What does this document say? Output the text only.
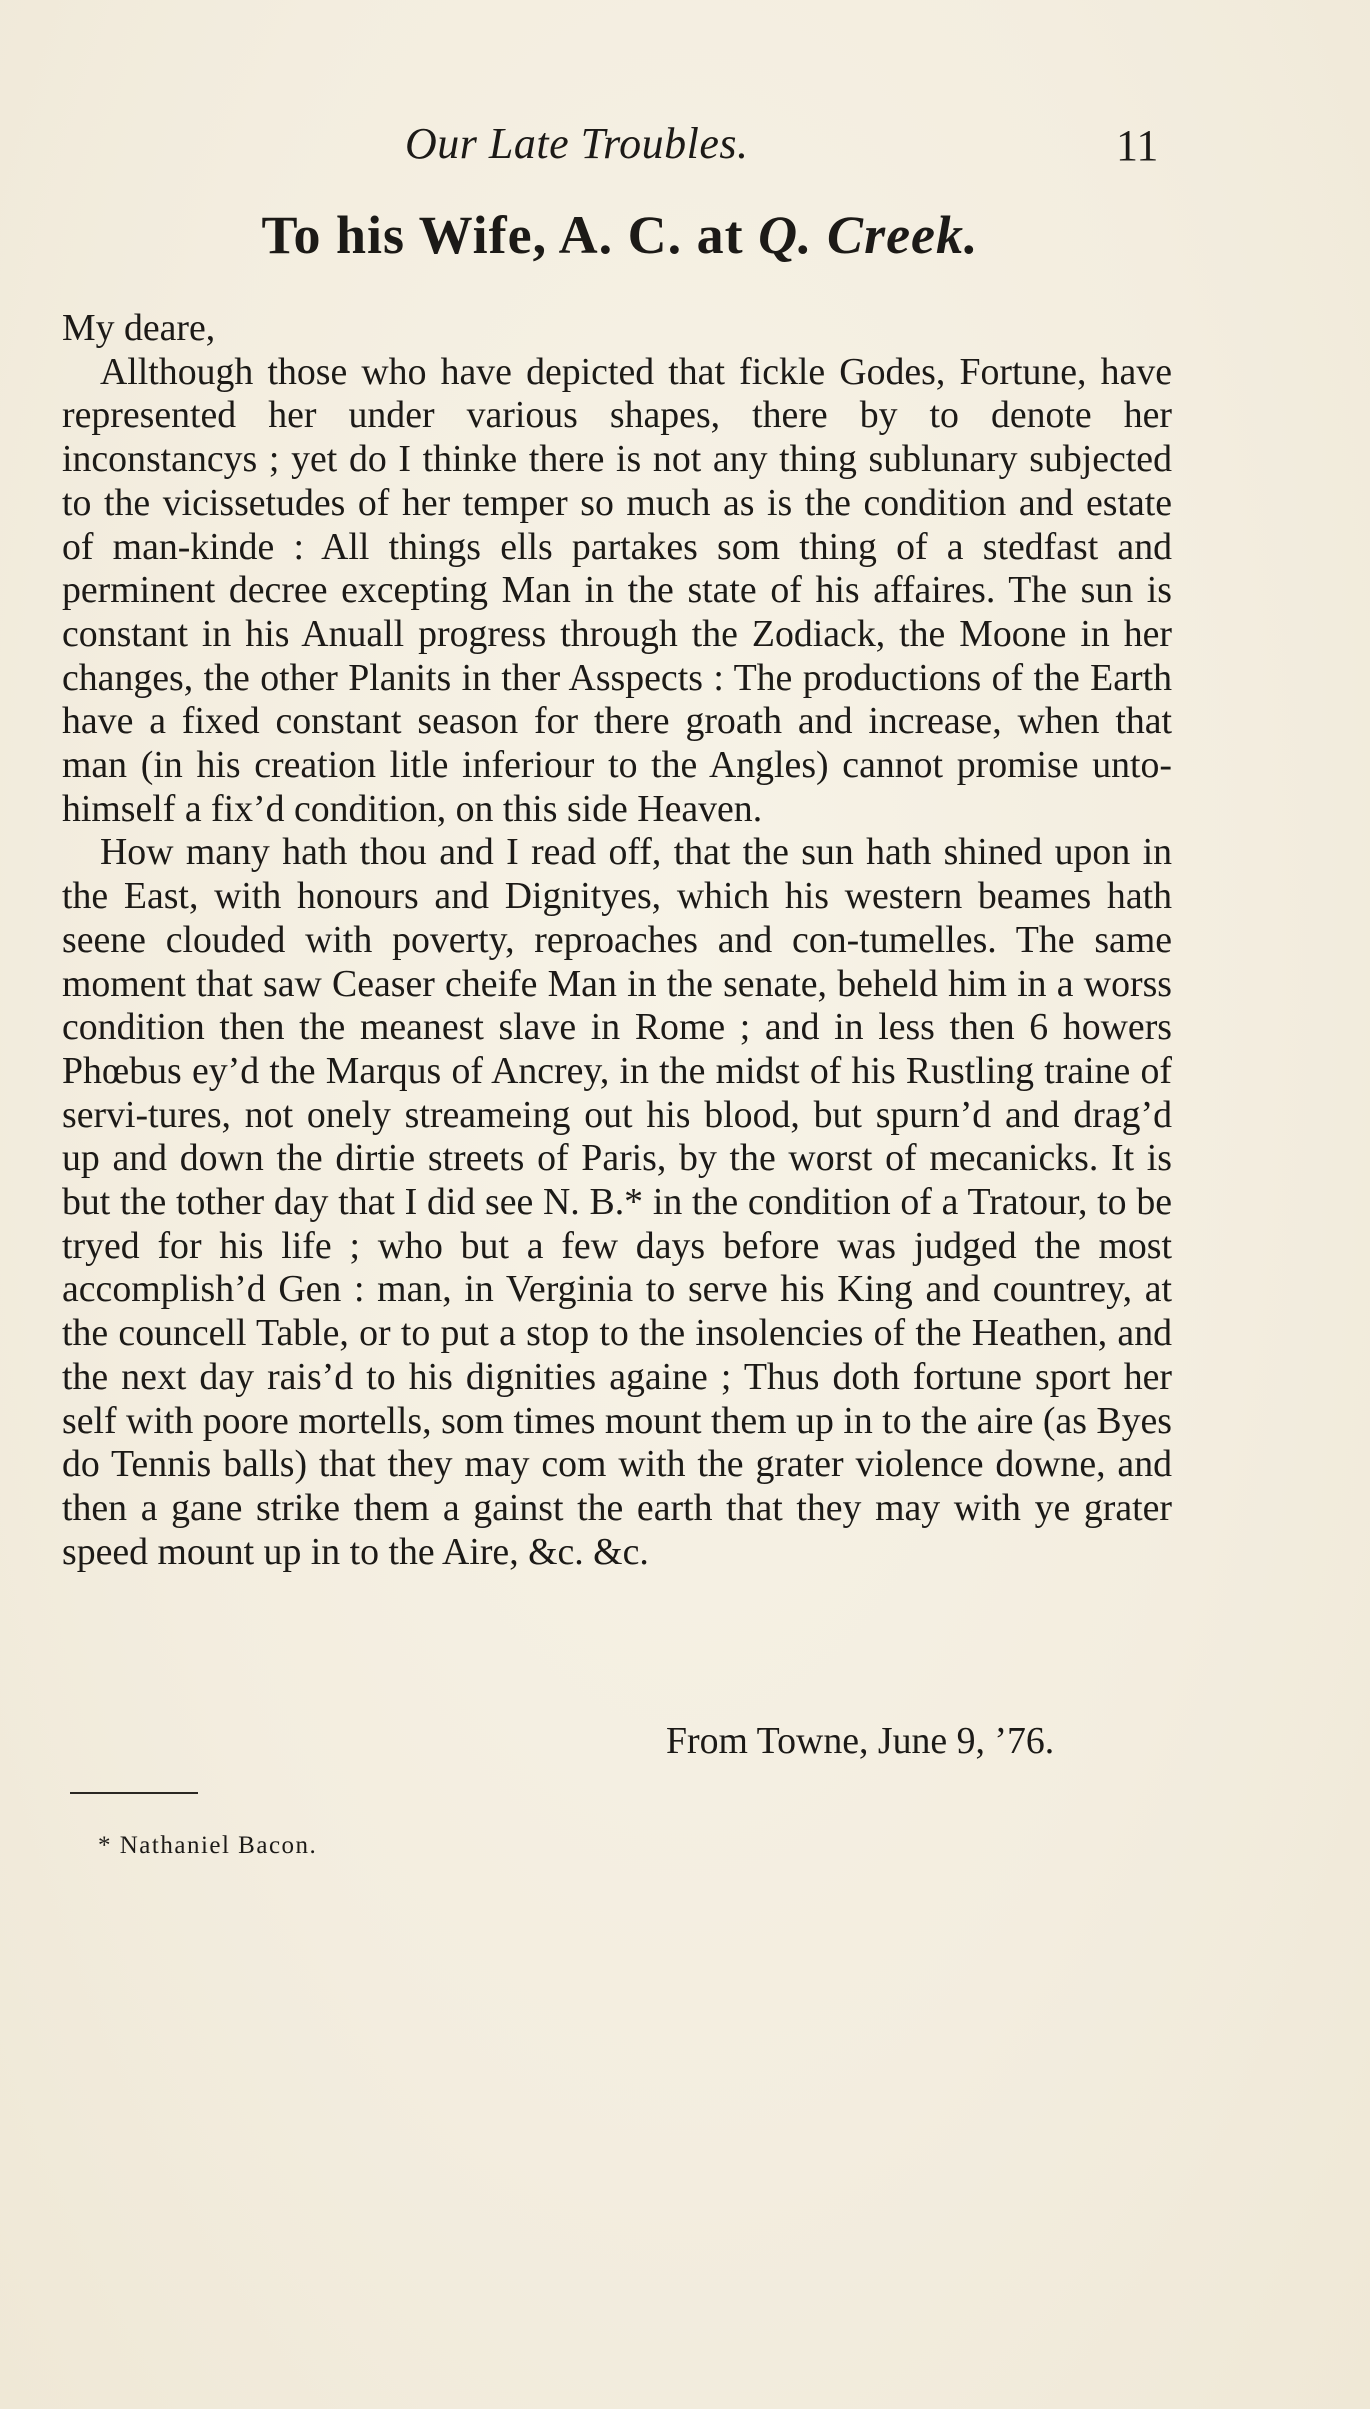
Our Late Troubles.	11
To his Wife, A. C. at Q. Creek.
My deare,

Allthough those who have depicted that fickle Godes, Fortune, have represented her under various shapes, there by to denote her inconstancys ; yet do I thinke there is not any thing sublunary subjected to the vicissetudes of her temper so much as is the condition and estate of man-kinde : All things ells partakes som thing of a stedfast and perminent decree excepting Man in the state of his affaires. The sun is constant in his Anuall progress through the Zodiack, the Moone in her changes, the other Planits in ther Asspects : The productions of the Earth have a fixed constant season for there groath and increase, when that man (in his creation litle inferiour to the Angles) cannot promise unto-himself a fix’d condition, on this side Heaven.

How many hath thou and I read off, that the sun hath shined upon in the East, with honours and Dignityes, which his western beames hath seene clouded with poverty, reproaches and con-tumelles. The same moment that saw Ceaser cheife Man in the senate, beheld him in a worss condition then the meanest slave in Rome ; and in less then 6 howers Phœbus ey’d the Marqus of Ancrey, in the midst of his Rustling traine of servi-tures, not onely streameing out his blood, but spurn’d and drag’d up and down the dirtie streets of Paris, by the worst of mecanicks. It is but the tother day that I did see N. B.* in the condition of a Tratour, to be tryed for his life ; who but a few days before was judged the most accomplish’d Gen : man, in Verginia to serve his King and countrey, at the councell Table, or to put a stop to the insolencies of the Heathen, and the next day rais’d to his dignities againe ; Thus doth fortune sport her self with poore mortells, som times mount them up in to the aire (as Byes do Tennis balls) that they may com with the grater violence downe, and then a gane strike them a gainst the earth that they may with ye grater speed mount up in to the Aire, &c. &c.

From Towne, June 9, ’76.
* Nathaniel Bacon.
